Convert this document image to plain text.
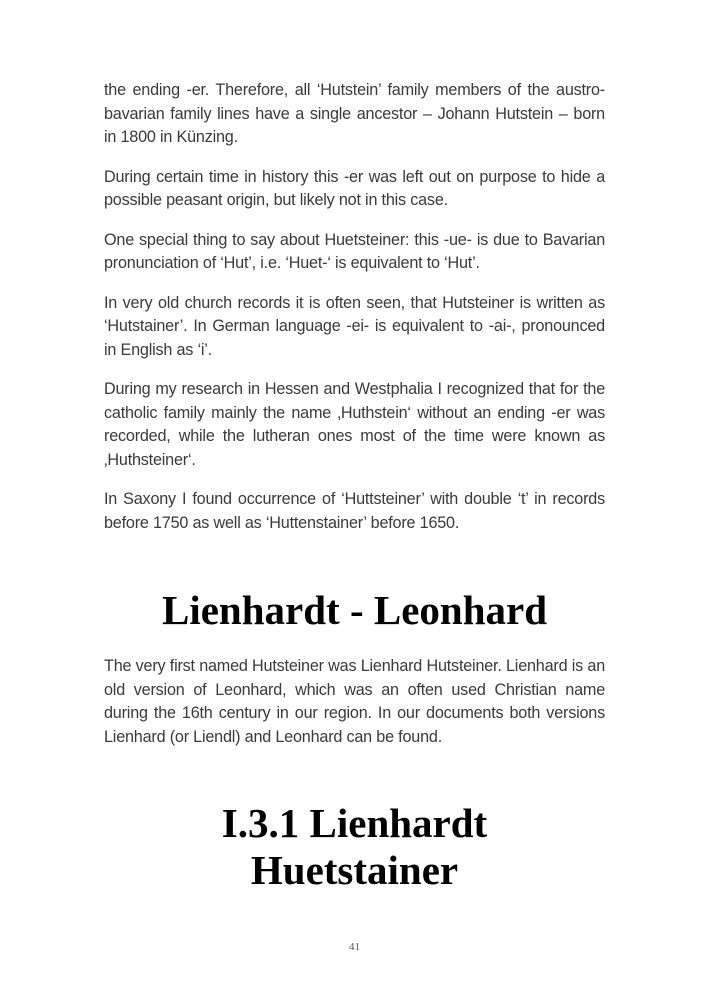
the ending -er. Therefore, all ‘Hutstein’ family members of the austro-bavarian family lines have a single ancestor – Johann Hutstein – born in 1800 in Künzing.

During certain time in history this -er was left out on purpose to hide a possible peasant origin, but likely not in this case.

One special thing to say about Huetsteiner: this -ue- is due to Bavarian pronunciation of ‘Hut’, i.e. ‘Huet-‘ is equivalent to ‘Hut’.

In very old church records it is often seen, that Hutsteiner is written as ‘Hutstainer’. In German language -ei- is equivalent to -ai-, pronounced in English as ‘i’.

During my research in Hessen and Westphalia I recognized that for the catholic family mainly the name ‚Huthstein‘ without an ending -er was recorded, while the lutheran ones most of the time were known as ‚Huthsteiner‘.

In Saxony I found occurrence of ‘Huttsteiner’ with double ‘t’ in records before 1750 as well as ‘Huttenstainer’ before 1650.

Lienhardt - Leonhard

The very first named Hutsteiner was Lienhard Hutsteiner. Lienhard is an old version of Leonhard, which was an often used Christian name during the 16th century in our region. In our documents both versions Lienhard (or Liendl) and Leonhard can be found.

I.3.1 Lienhardt
Huetstainer
41
